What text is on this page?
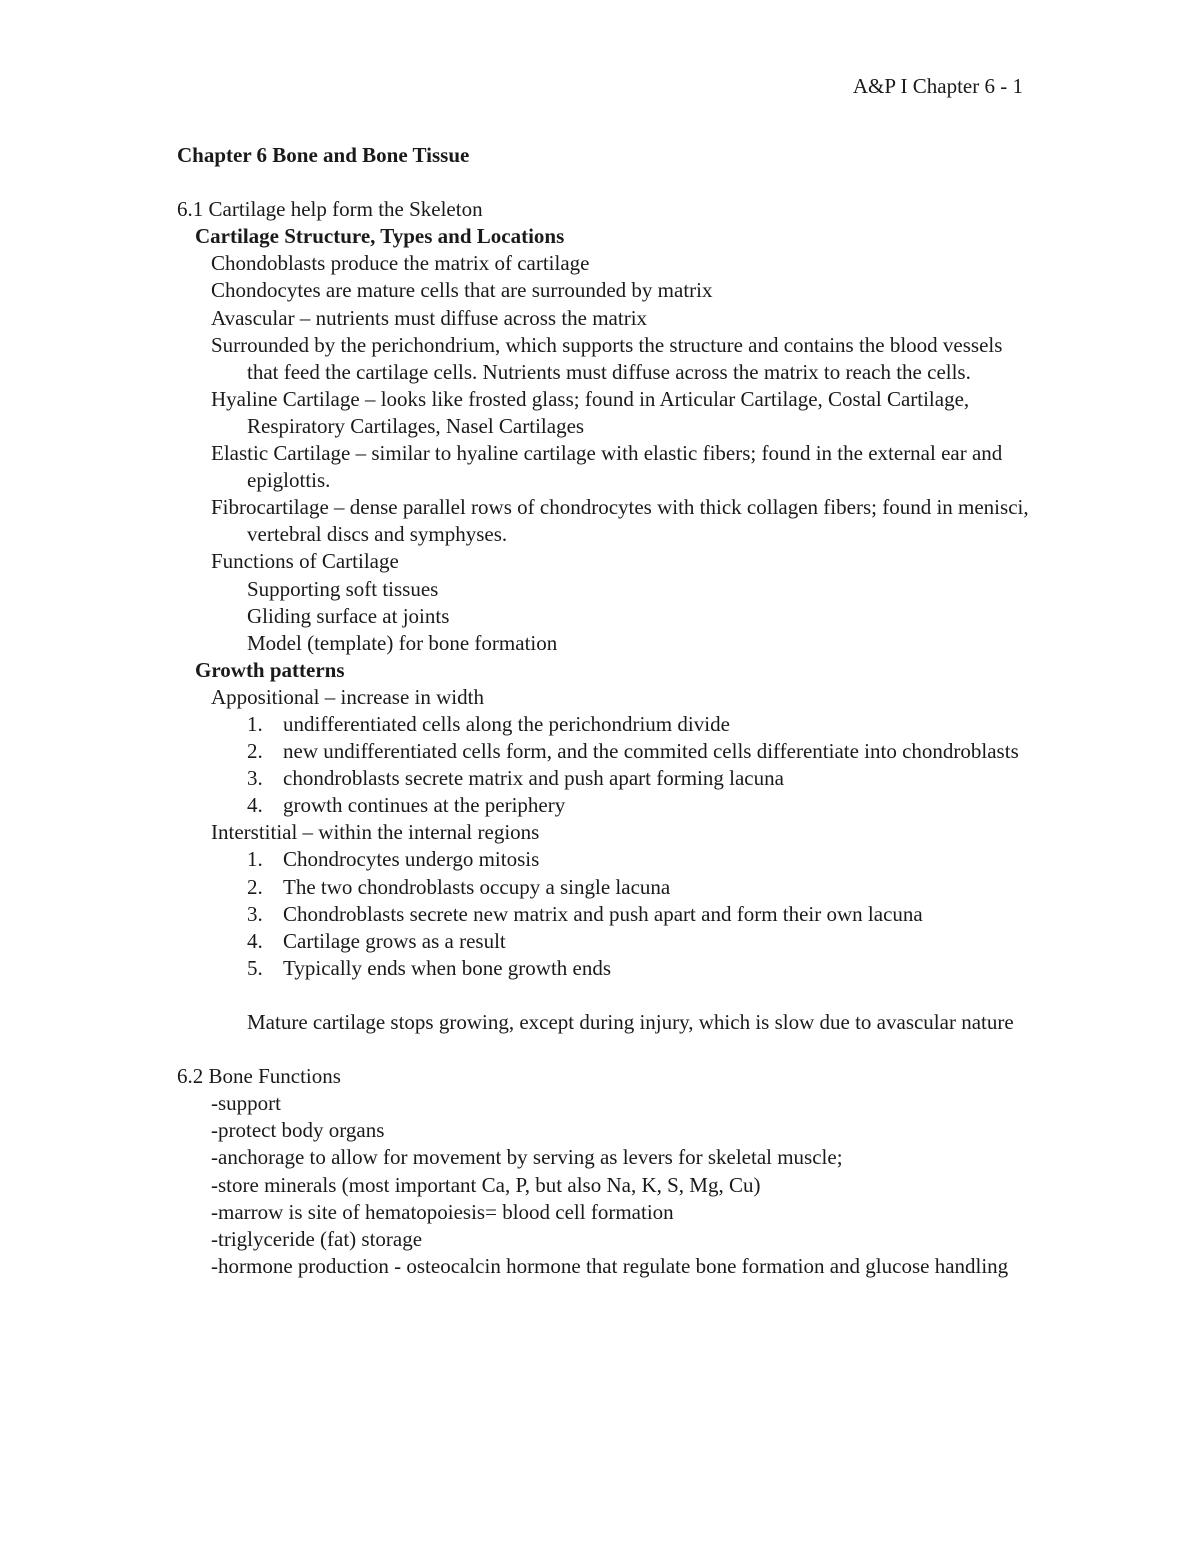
A&P I Chapter 6 - 1

Chapter 6 Bone and Bone Tissue

6.1 Cartilage help form the Skeleton

Cartilage Structure, Types and Locations

Chondoblasts produce the matrix of cartilage

Chondocytes are mature cells that are surrounded by matrix

Avascular – nutrients must diffuse across the matrix

Surrounded by the perichondrium, which supports the structure and contains the blood vessels that feed the cartilage cells. Nutrients must diffuse across the matrix to reach the cells.

Hyaline Cartilage – looks like frosted glass; found in Articular Cartilage, Costal Cartilage, Respiratory Cartilages, Nasel Cartilages

Elastic Cartilage – similar to hyaline cartilage with elastic fibers; found in the external ear and epiglottis.

Fibrocartilage – dense parallel rows of chondrocytes with thick collagen fibers; found in menisci, vertebral discs and symphyses.

Functions of Cartilage

Supporting soft tissues

Gliding surface at joints

Model (template) for bone formation

Growth patterns

Appositional – increase in width

1. undifferentiated cells along the perichondrium divide
2. new undifferentiated cells form, and the commited cells differentiate into chondroblasts
3. chondroblasts secrete matrix and push apart forming lacuna
4. growth continues at the periphery

Interstitial – within the internal regions

1. Chondrocytes undergo mitosis
2. The two chondroblasts occupy a single lacuna
3. Chondroblasts secrete new matrix and push apart and form their own lacuna
4. Cartilage grows as a result
5. Typically ends when bone growth ends

Mature cartilage stops growing, except during injury, which is slow due to avascular nature

6.2 Bone Functions

-support

-protect body organs

-anchorage to allow for movement by serving as levers for skeletal muscle;

-store minerals (most important Ca, P, but also Na, K, S, Mg, Cu)

-marrow is site of hematopoiesis= blood cell formation

-triglyceride (fat) storage

-hormone production - osteocalcin hormone that regulate bone formation and glucose handling
